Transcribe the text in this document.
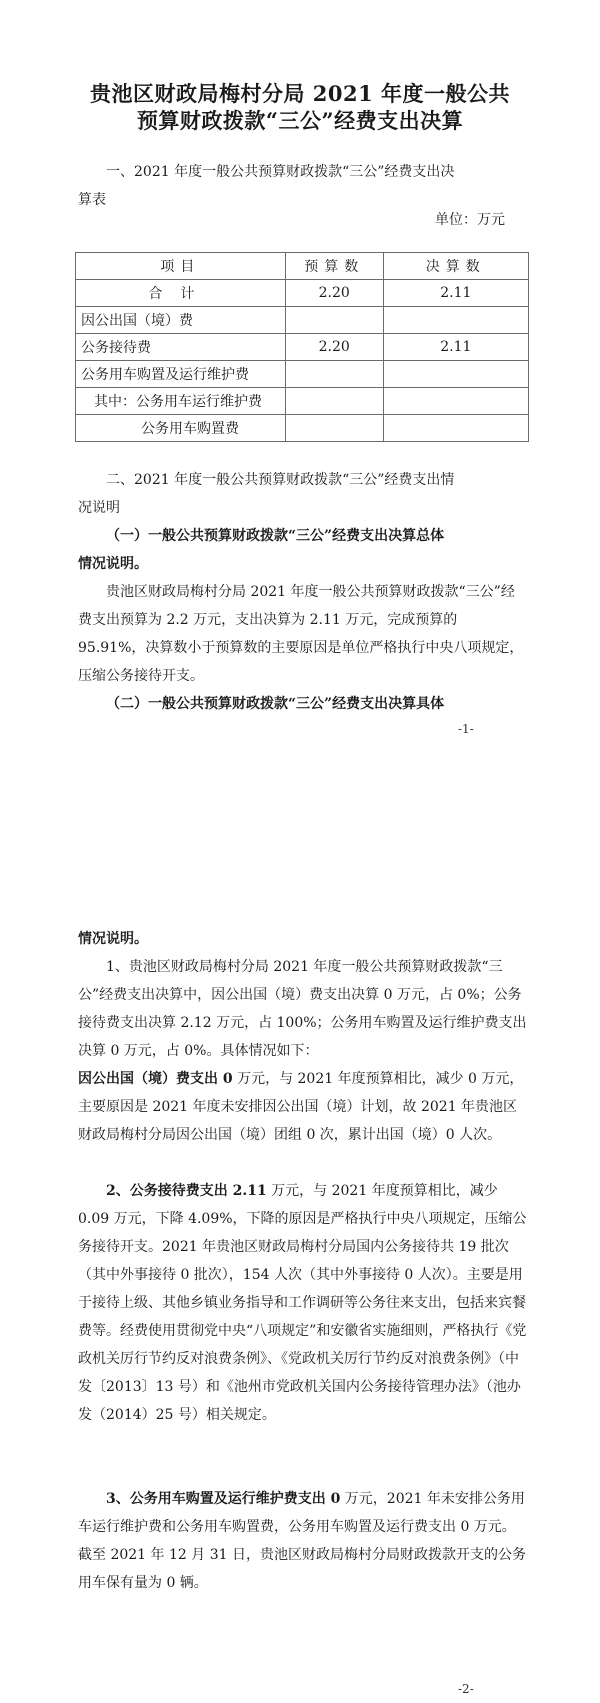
贵池区财政局梅村分局 2021 年度一般公共
预算财政拨款“三公”经费支出决算
一、2021 年度一般公共预算财政拨款“三公”经费支出决
算表
单位：万元
项目	预算数	决算数
合计	2.20	2.11
因公出国（境）费		
公务接待费	2.20	2.11
公务用车购置及运行维护费		
其中：公务用车运行维护费		
公务用车购置费		
二、2021 年度一般公共预算财政拨款“三公”经费支出情
况说明
（一）一般公共预算财政拨款“三公”经费支出决算总体
情况说明。
贵池区财政局梅村分局 2021 年度一般公共预算财政拨款“三公”经费支出预算为 2.2 万元，支出决算为 2.11 万元，完成预算的 95.91%，决算数小于预算数的主要原因是单位严格执行中央八项规定，压缩公务接待开支。
（二）一般公共预算财政拨款“三公”经费支出决算具体
-1-
情况说明。
1、贵池区财政局梅村分局 2021 年度一般公共预算财政拨款“三公”经费支出决算中，因公出国（境）费支出决算 0 万元，占 0%；公务接待费支出决算 2.12 万元，占 100%；公务用车购置及运行维护费支出决算 0 万元，占 0%。具体情况如下：
因公出国（境）费支出 0 万元，与 2021 年度预算相比，减少 0 万元，主要原因是 2021 年度未安排因公出国（境）计划，故 2021 年贵池区财政局梅村分局因公出国（境）团组 0 次，累计出国（境）0 人次。
2、公务接待费支出 2.11 万元，与 2021 年度预算相比，减少 0.09 万元，下降 4.09%，下降的原因是严格执行中央八项规定，压缩公务接待开支。2021 年贵池区财政局梅村分局国内公务接待共 19 批次（其中外事接待 0 批次），154 人次（其中外事接待 0 人次）。主要是用于接待上级、其他乡镇业务指导和工作调研等公务往来支出，包括来宾餐费等。经费使用贯彻党中央“八项规定”和安徽省实施细则，严格执行《党政机关厉行节约反对浪费条例》、《党政机关厉行节约反对浪费条例》（中发〔2013〕13 号）和《池州市党政机关国内公务接待管理办法》（池办发（2014）25 号）相关规定。
3、公务用车购置及运行维护费支出 0 万元，2021 年未安排公务用车运行维护费和公务用车购置费，公务用车购置及运行费支出 0 万元。截至 2021 年 12 月 31 日，贵池区财政局梅村分局财政拨款开支的公务用车保有量为 0 辆。
-2-
